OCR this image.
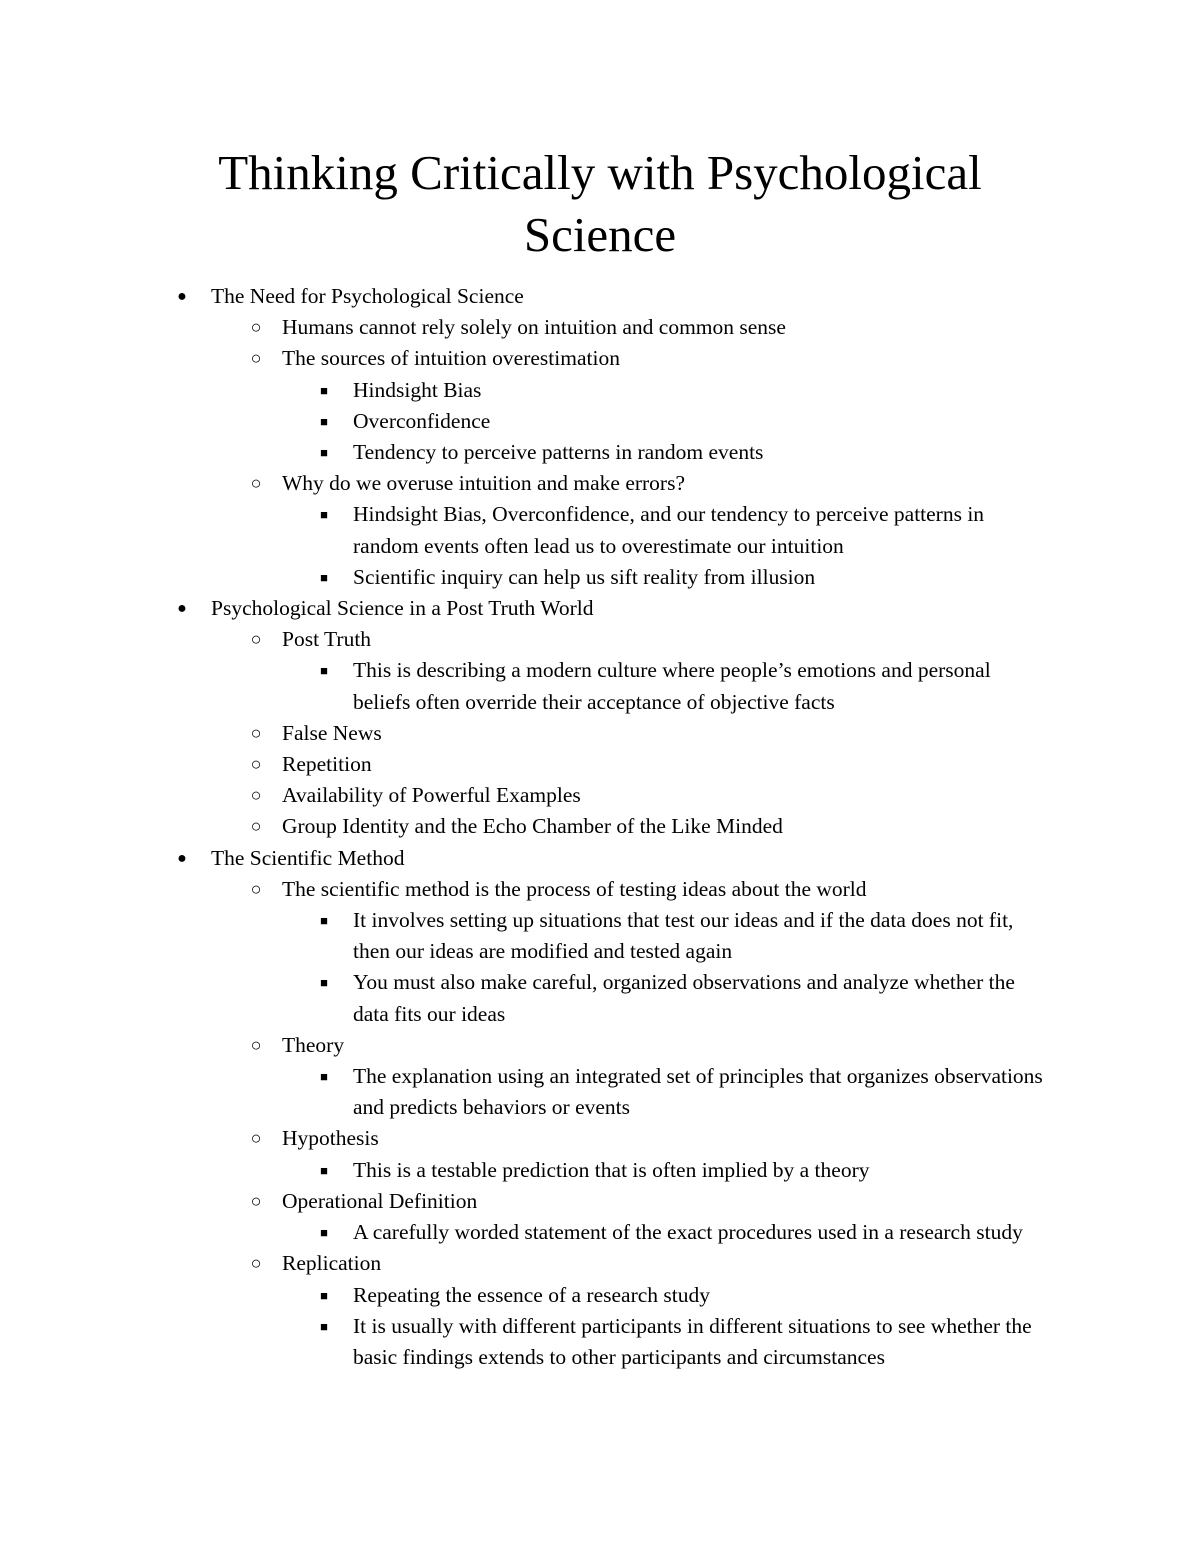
Thinking Critically with Psychological
Science
● The Need for Psychological Science
○ Humans cannot rely solely on intuition and common sense
○ The sources of intuition overestimation
■ Hindsight Bias
■ Overconfidence
■ Tendency to perceive patterns in random events
○ Why do we overuse intuition and make errors?
■ Hindsight Bias, Overconfidence, and our tendency to perceive patterns in random events often lead us to overestimate our intuition
■ Scientific inquiry can help us sift reality from illusion
● Psychological Science in a Post Truth World
○ Post Truth
■ This is describing a modern culture where people’s emotions and personal beliefs often override their acceptance of objective facts
○ False News
○ Repetition
○ Availability of Powerful Examples
○ Group Identity and the Echo Chamber of the Like Minded
● The Scientific Method
○ The scientific method is the process of testing ideas about the world
■ It involves setting up situations that test our ideas and if the data does not fit, then our ideas are modified and tested again
■ You must also make careful, organized observations and analyze whether the data fits our ideas
○ Theory
■ The explanation using an integrated set of principles that organizes observations and predicts behaviors or events
○ Hypothesis
■ This is a testable prediction that is often implied by a theory
○ Operational Definition
■ A carefully worded statement of the exact procedures used in a research study
○ Replication
■ Repeating the essence of a research study
■ It is usually with different participants in different situations to see whether the basic findings extends to other participants and circumstances
